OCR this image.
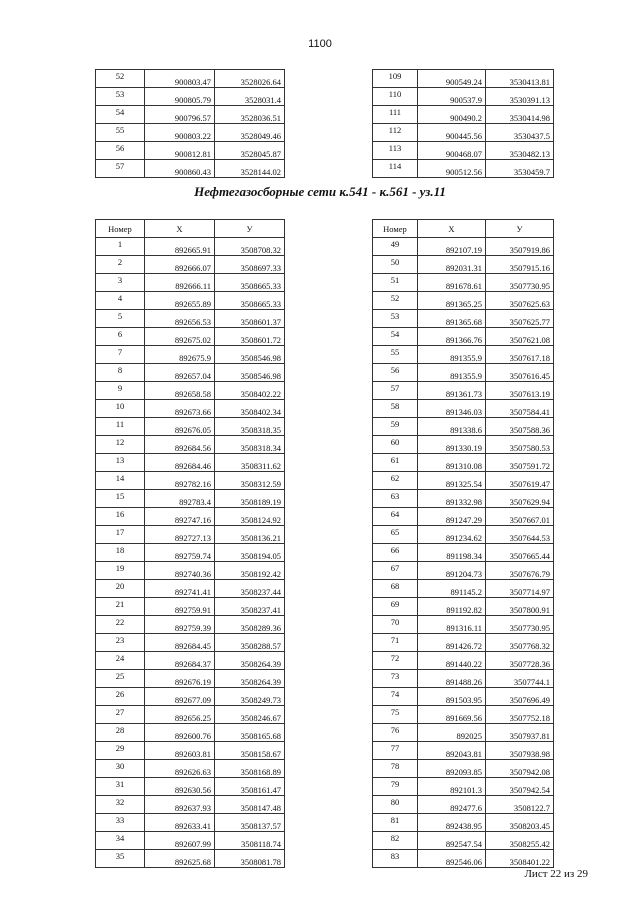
1100
52	900803.47	3528026.64
53	900805.79	3528031.4
54	900796.57	3528036.51
55	900803.22	3528049.46
56	900812.81	3528045.87
57	900860.43	3528144.02
109	900549.24	3530413.81
110	900537.9	3530391.13
111	900490.2	3530414.98
112	900445.56	3530437.5
113	900468.07	3530482.13
114	900512.56	3530459.7
Нефтегазосборные сети к.541 - к.561 - уз.11
Номер	X	У
1	892665.91	3508708.32
2	892666.07	3508697.33
3	892666.11	3508665.33
4	892655.89	3508665.33
5	892656.53	3508601.37
6	892675.02	3508601.72
7	892675.9	3508546.98
8	892657.04	3508546.98
9	892658.58	3508402.22
10	892673.66	3508402.34
11	892676.05	3508318.35
12	892684.56	3508318.34
13	892684.46	3508311.62
14	892782.16	3508312.59
15	892783.4	3508189.19
16	892747.16	3508124.92
17	892727.13	3508136.21
18	892759.74	3508194.05
19	892740.36	3508192.42
20	892741.41	3508237.44
21	892759.91	3508237.41
22	892759.39	3508289.36
23	892684.45	3508288.57
24	892684.37	3508264.39
25	892676.19	3508264.39
26	892677.09	3508249.73
27	892656.25	3508246.67
28	892600.76	3508165.68
29	892603.81	3508158.67
30	892626.63	3508168.89
31	892630.56	3508161.47
32	892637.93	3508147.48
33	892633.41	3508137.57
34	892607.99	3508118.74
35	892625.68	3508081.78
Номер	X	У
49	892107.19	3507919.86
50	892031.31	3507915.16
51	891678.61	3507730.95
52	891365.25	3507625.63
53	891365.68	3507625.77
54	891366.76	3507621.08
55	891355.9	3507617.18
56	891355.9	3507616.45
57	891361.73	3507613.19
58	891346.03	3507584.41
59	891338.6	3507588.36
60	891330.19	3507580.53
61	891310.08	3507591.72
62	891325.54	3507619.47
63	891332.98	3507629.94
64	891247.29	3507667.01
65	891234.62	3507644.53
66	891198.34	3507665.44
67	891204.73	3507676.79
68	891145.2	3507714.97
69	891192.82	3507800.91
70	891316.11	3507730.95
71	891426.72	3507768.32
72	891440.22	3507728.36
73	891488.26	3507744.1
74	891503.95	3507696.49
75	891669.56	3507752.18
76	892025	3507937.81
77	892043.81	3507938.98
78	892093.85	3507942.08
79	892101.3	3507942.54
80	892477.6	3508122.7
81	892438.95	3508203.45
82	892547.54	3508255.42
83	892546.06	3508401.22
Лист 22 из 29
